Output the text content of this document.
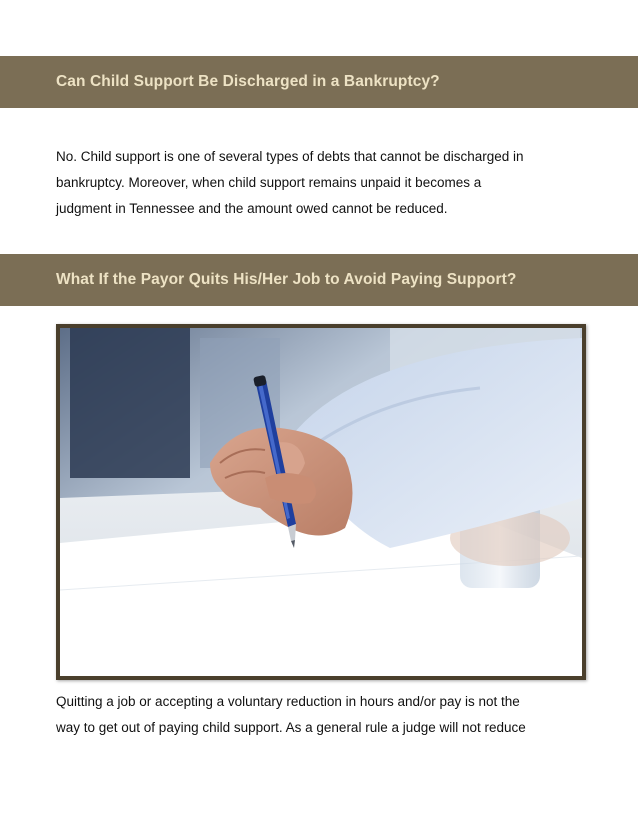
Can Child Support Be Discharged in a Bankruptcy?

No. Child support is one of several types of debts that cannot be discharged in
bankruptcy. Moreover, when child support remains unpaid it becomes a
judgment in Tennessee and the amount owed cannot be reduced.

What If the Payor Quits His/Her Job to Avoid Paying Support?

Quitting a job or accepting a voluntary reduction in hours and/or pay is not the
way to get out of paying child support. As a general rule a judge will not reduce
